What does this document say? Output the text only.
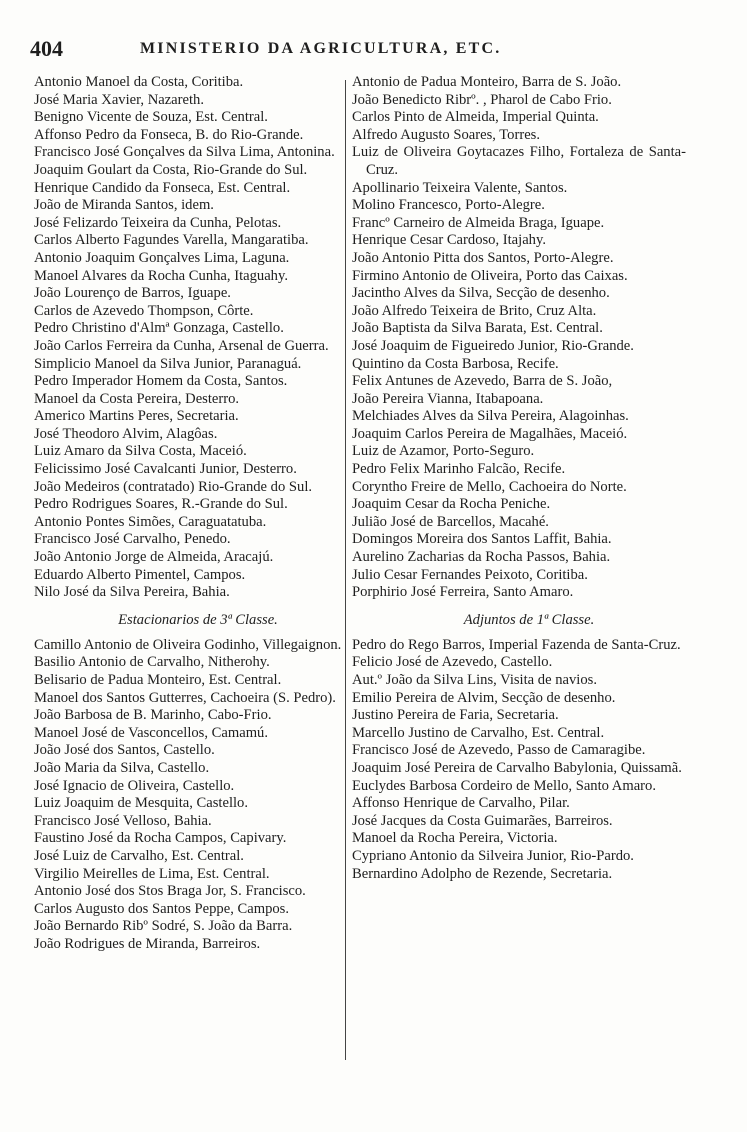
404	MINISTERIO DA AGRICULTURA, ETC.

Antonio Manoel da Costa, Coritiba.

José Maria Xavier, Nazareth.

Benigno Vicente de Souza, Est. Central.

Affonso Pedro da Fonseca, B. do Rio-Grande.

Francisco José Gonçalves da Silva Lima, Antonina.

Joaquim Goulart da Costa, Rio-Grande do Sul.

Henrique Candido da Fonseca, Est. Central.

João de Miranda Santos, idem.

José Felizardo Teixeira da Cunha, Pelotas.

Carlos Alberto Fagundes Varella, Mangaratiba.

Antonio Joaquim Gonçalves Lima, Laguna.

Manoel Alvares da Rocha Cunha, Itaguahy.

João Lourenço de Barros, Iguape.

Carlos de Azevedo Thompson, Côrte.

Pedro Christino d'Almª Gonzaga, Castello.

João Carlos Ferreira da Cunha, Arsenal de Guerra.

Simplicio Manoel da Silva Junior, Paranaguá.

Pedro Imperador Homem da Costa, Santos.

Manoel da Costa Pereira, Desterro.

Americo Martins Peres, Secretaria.

José Theodoro Alvim, Alagôas.

Luiz Amaro da Silva Costa, Maceió.

Felicissimo José Cavalcanti Junior, Desterro.

João Medeiros (contratado) Rio-Grande do Sul.

Pedro Rodrigues Soares, R.-Grande do Sul.

Antonio Pontes Simões, Caraguatatuba.

Francisco José Carvalho, Penedo.

João Antonio Jorge de Almeida, Aracajú.

Eduardo Alberto Pimentel, Campos.

Nilo José da Silva Pereira, Bahia.

Estacionarios de 3ª Classe.

Camillo Antonio de Oliveira Godinho, Villegaignon.

Basilio Antonio de Carvalho, Nitherohy.

Belisario de Padua Monteiro, Est. Central.

Manoel dos Santos Gutterres, Cachoeira (S. Pedro).

João Barbosa de B. Marinho, Cabo-Frio.

Manoel José de Vasconcellos, Camamú.

João José dos Santos, Castello.

João Maria da Silva, Castello.

José Ignacio de Oliveira, Castello.

Luiz Joaquim de Mesquita, Castello.

Francisco José Velloso, Bahia.

Faustino José da Rocha Campos, Capivary.

José Luiz de Carvalho, Est. Central.

Virgilio Meirelles de Lima, Est. Central.

Antonio José dos Stos Braga Jor, S. Francisco.

Carlos Augusto dos Santos Peppe, Campos.

João Bernardo Ribº Sodré, S. João da Barra.

João Rodrigues de Miranda, Barreiros.

Antonio de Padua Monteiro, Barra de S. João.

João Benedicto Ribrº. , Pharol de Cabo Frio.

Carlos Pinto de Almeida, Imperial Quinta.

Alfredo Augusto Soares, Torres.

Luiz de Oliveira Goytacazes Filho, Fortaleza de Santa-Cruz.

Apollinario Teixeira Valente, Santos.

Molino Francesco, Porto-Alegre.

Francº Carneiro de Almeida Braga, Iguape.

Henrique Cesar Cardoso, Itajahy.

João Antonio Pitta dos Santos, Porto-Alegre.

Firmino Antonio de Oliveira, Porto das Caixas.

Jacintho Alves da Silva, Secção de desenho.

João Alfredo Teixeira de Brito, Cruz Alta.

João Baptista da Silva Barata, Est. Central.

José Joaquim de Figueiredo Junior, Rio-Grande.

Quintino da Costa Barbosa, Recife.

Felix Antunes de Azevedo, Barra de S. João,

João Pereira Vianna, Itabapoana.

Melchiades Alves da Silva Pereira, Alagoinhas.

Joaquim Carlos Pereira de Magalhães, Maceió.

Luiz de Azamor, Porto-Seguro.

Pedro Felix Marinho Falcão, Recife.

Coryntho Freire de Mello, Cachoeira do Norte.

Joaquim Cesar da Rocha Peniche.

Julião José de Barcellos, Macahé.

Domingos Moreira dos Santos Laffit, Bahia.

Aurelino Zacharias da Rocha Passos, Bahia.

Julio Cesar Fernandes Peixoto, Coritiba.

Porphirio José Ferreira, Santo Amaro.

Adjuntos de 1ª Classe.

Pedro do Rego Barros, Imperial Fazenda de Santa-Cruz.

Felicio José de Azevedo, Castello.

Aut.º João da Silva Lins, Visita de navios.

Emilio Pereira de Alvim, Secção de desenho.

Justino Pereira de Faria, Secretaria.

Marcello Justino de Carvalho, Est. Central.

Francisco José de Azevedo, Passo de Camaragibe.

Joaquim José Pereira de Carvalho Babylonia, Quissamã.

Euclydes Barbosa Cordeiro de Mello, Santo Amaro.

Affonso Henrique de Carvalho, Pilar.

José Jacques da Costa Guimarães, Barreiros.

Manoel da Rocha Pereira, Victoria.

Cypriano Antonio da Silveira Junior, Rio-Pardo.

Bernardino Adolpho de Rezende, Secretaria.
